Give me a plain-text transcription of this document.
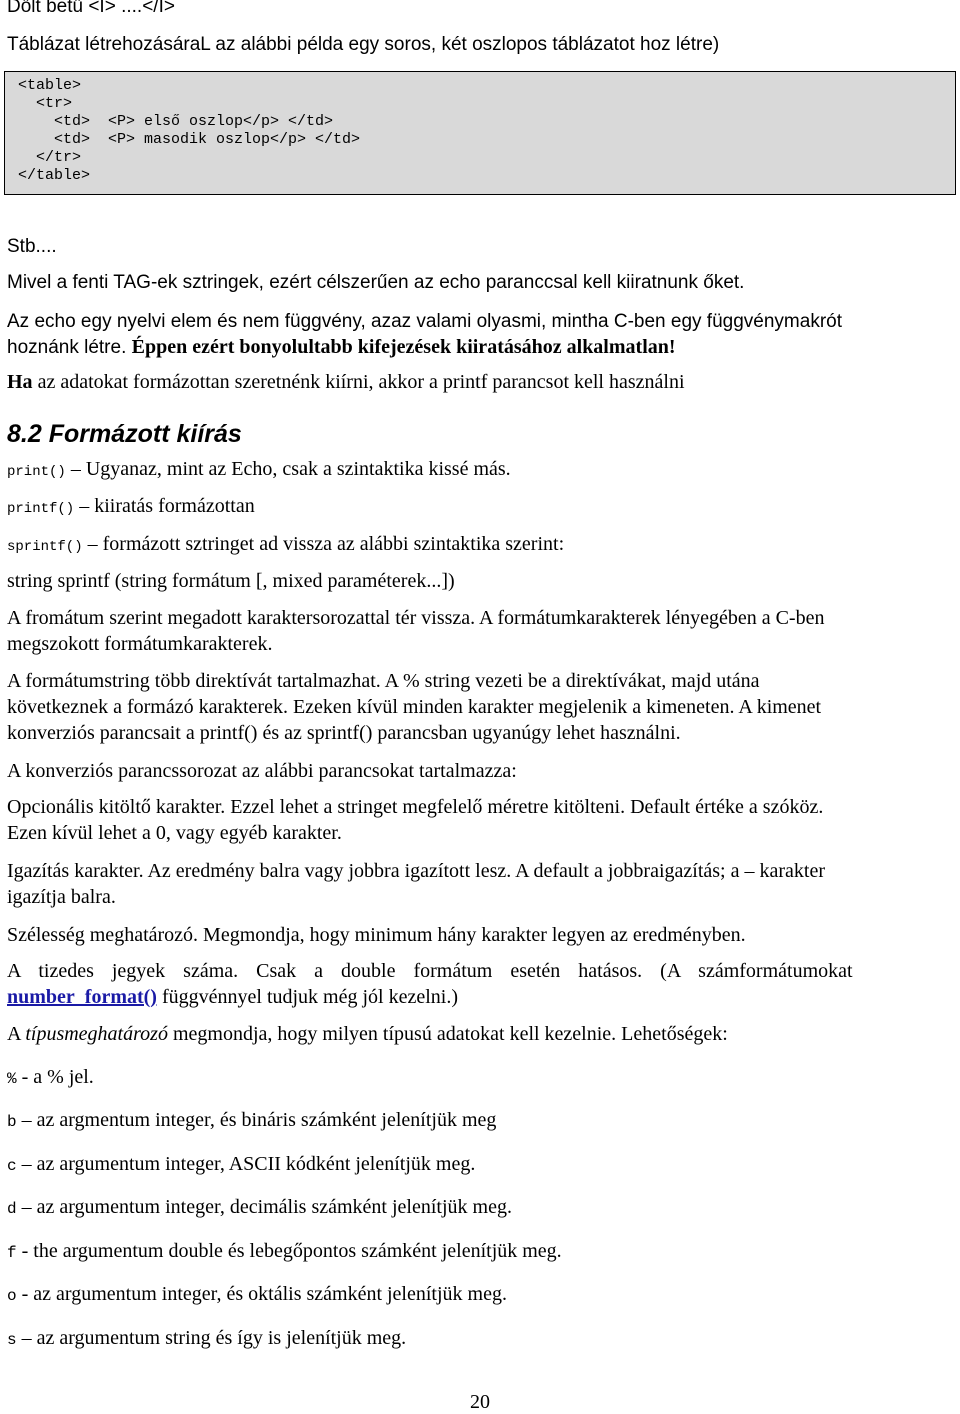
Dőlt betű <I> ....</I>

Táblázat létrehozásáraL az alábbi példa egy soros, két oszlopos táblázatot hoz létre)

<table>
<tr>
<td>  <P> első oszlop</p> </td>
<td>  <P> masodik oszlop</p> </td>
</tr>
</table>

Stb....

Mivel a fenti TAG-ek sztringek, ezért célszerűen az echo paranccsal kell kiiratnunk őket.

Az echo egy nyelvi elem és nem függvény, azaz valami olyasmi, mintha C-ben egy függvénymakrót

hoznánk létre. Éppen ezért bonyolultabb kifejezések kiiratásához alkalmatlan!

Ha az adatokat formázottan szeretnénk kiírni, akkor a printf parancsot kell használni

8.2 Formázott kiírás

print() – Ugyanaz, mint az Echo, csak a szintaktika kissé más.

printf() – kiiratás formázottan

sprintf() – formázott sztringet ad vissza az alábbi szintaktika szerint:

string sprintf (string formátum [, mixed paraméterek...])

A fromátum szerint megadott karaktersorozattal tér vissza. A formátumkarakterek lényegében a C-ben

megszokott formátumkarakterek.

A formátumstring több direktívát tartalmazhat. A % string vezeti be a direktívákat, majd utána

következnek a formázó karakterek. Ezeken kívül minden karakter megjelenik a kimeneten. A kimenet

konverziós parancsait a printf() és az sprintf() parancsban ugyanúgy lehet használni.

A konverziós parancssorozat az alábbi parancsokat tartalmazza:

Opcionális kitöltő karakter. Ezzel lehet a stringet megfelelő méretre kitölteni. Default értéke a szóköz.

Ezen kívül lehet a 0, vagy egyéb karakter.

Igazítás karakter. Az eredmény balra vagy jobbra igazított lesz. A default a jobbraigazítás; a – karakter

igazítja balra.

Szélesség meghatározó. Megmondja, hogy minimum hány karakter legyen az eredményben.

A tizedes jegyek száma. Csak a double formátum esetén hatásos. (A számformátumokat

number_format() függvénnyel tudjuk még jól kezelni.)

A típusmeghatározó megmondja, hogy milyen típusú adatokat kell kezelnie. Lehetőségek:

% - a % jel.

b – az argmentum integer, és bináris számként jelenítjük meg

c – az argumentum integer, ASCII kódként jelenítjük meg.

d – az argumentum integer, decimális számként jelenítjük meg.

f - the argumentum double és lebegőpontos számként jelenítjük meg.

o - az argumentum integer, és oktális számként jelenítjük meg.

s – az argumentum string és így is jelenítjük meg.

20
